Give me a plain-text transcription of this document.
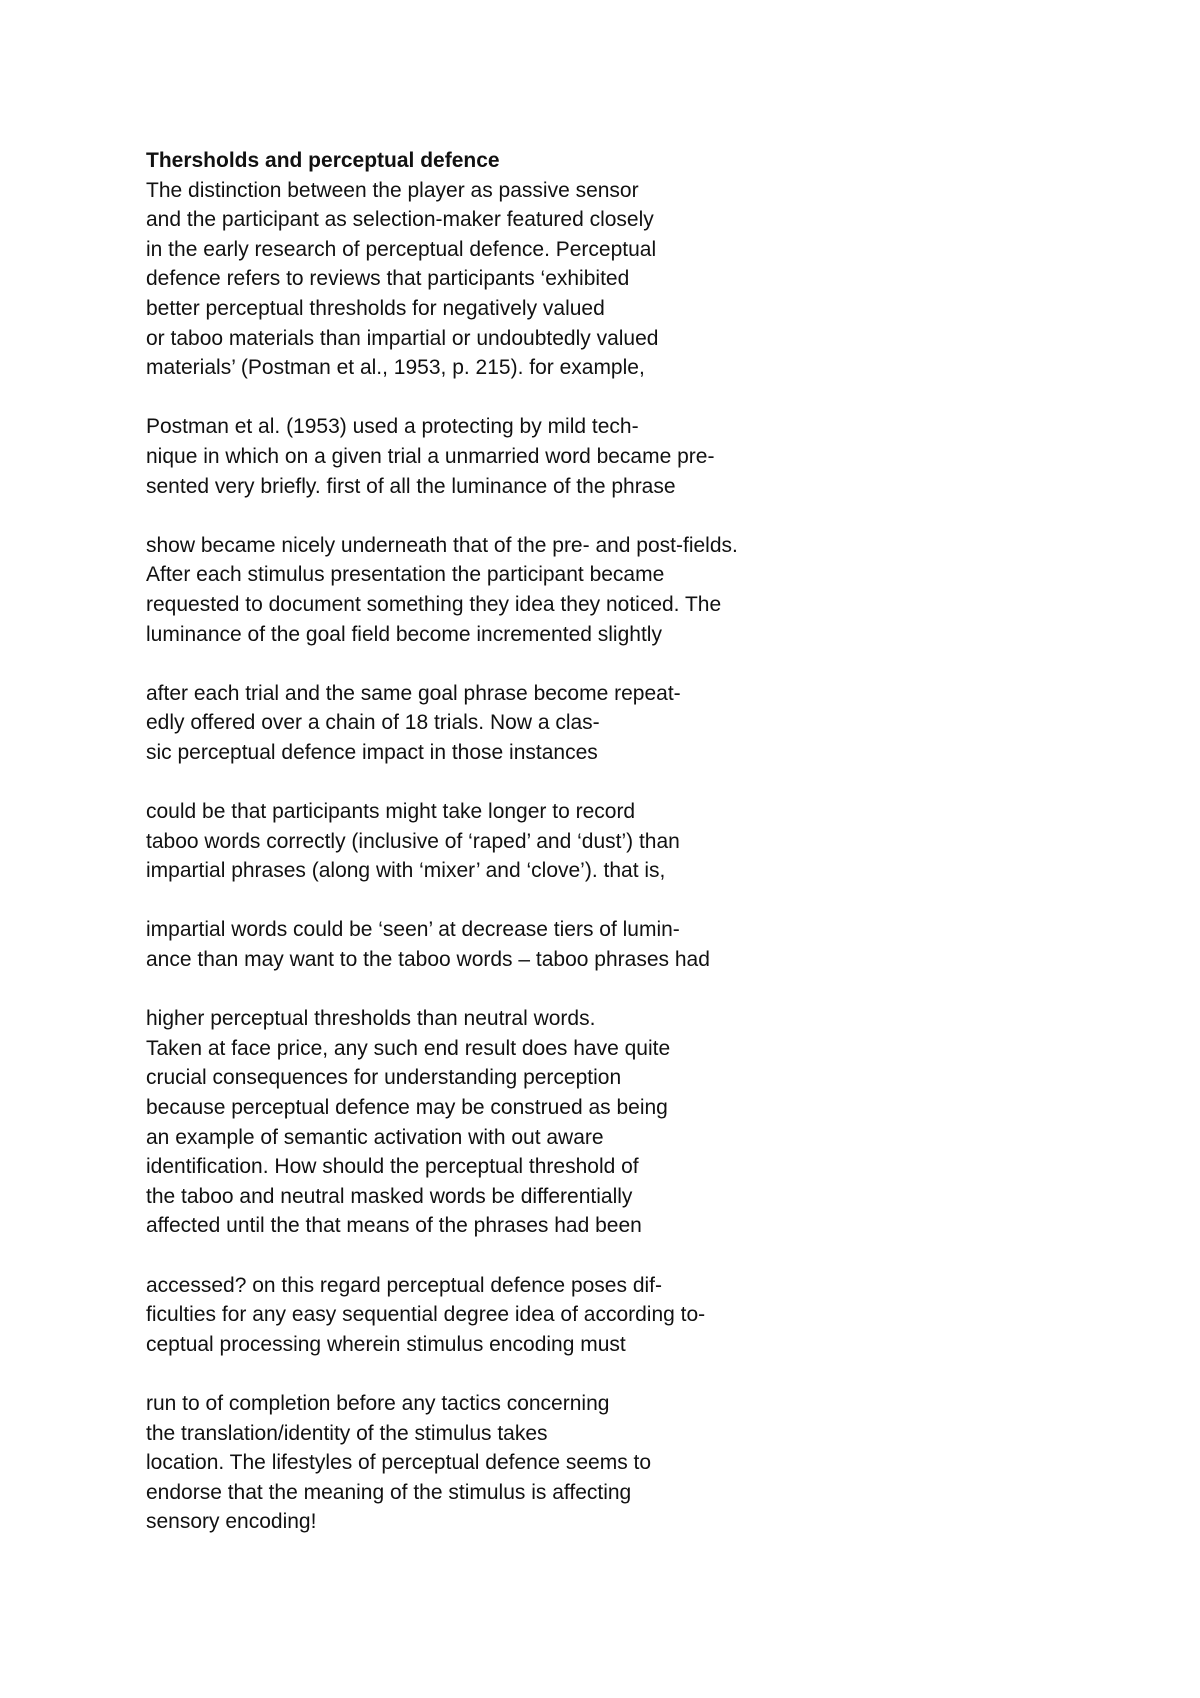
Thersholds and perceptual defence
The distinction between the player as passive sensor
and the participant as selection-maker featured closely
in the early research of perceptual defence. Perceptual
defence refers to reviews that participants ‘exhibited
better perceptual thresholds for negatively valued
or taboo materials than impartial or undoubtedly valued
materials’ (Postman et al., 1953, p. 215). for example,
Postman et al. (1953) used a protecting by mild tech-
nique in which on a given trial a unmarried word became pre-
sented very briefly. first of all the luminance of the phrase
show became nicely underneath that of the pre- and post-fields.
After each stimulus presentation the participant became
requested to document something they idea they noticed. The
luminance of the goal field become incremented slightly
after each trial and the same goal phrase become repeat-
edly offered over a chain of 18 trials. Now a clas-
sic perceptual defence impact in those instances
could be that participants might take longer to record
taboo words correctly (inclusive of ‘raped’ and ‘dust’) than
impartial phrases (along with ‘mixer’ and ‘clove’). that is,
impartial words could be ‘seen’ at decrease tiers of lumin-
ance than may want to the taboo words – taboo phrases had
higher perceptual thresholds than neutral words.
Taken at face price, any such end result does have quite
crucial consequences for understanding perception
because perceptual defence may be construed as being
an example of semantic activation with out aware
identification. How should the perceptual threshold of
the taboo and neutral masked words be differentially
affected until the that means of the phrases had been
accessed? on this regard perceptual defence poses dif-
ficulties for any easy sequential degree idea of according to-
ceptual processing wherein stimulus encoding must
run to of completion before any tactics concerning
the translation/identity of the stimulus takes
location. The lifestyles of perceptual defence seems to
endorse that the meaning of the stimulus is affecting
sensory encoding!
